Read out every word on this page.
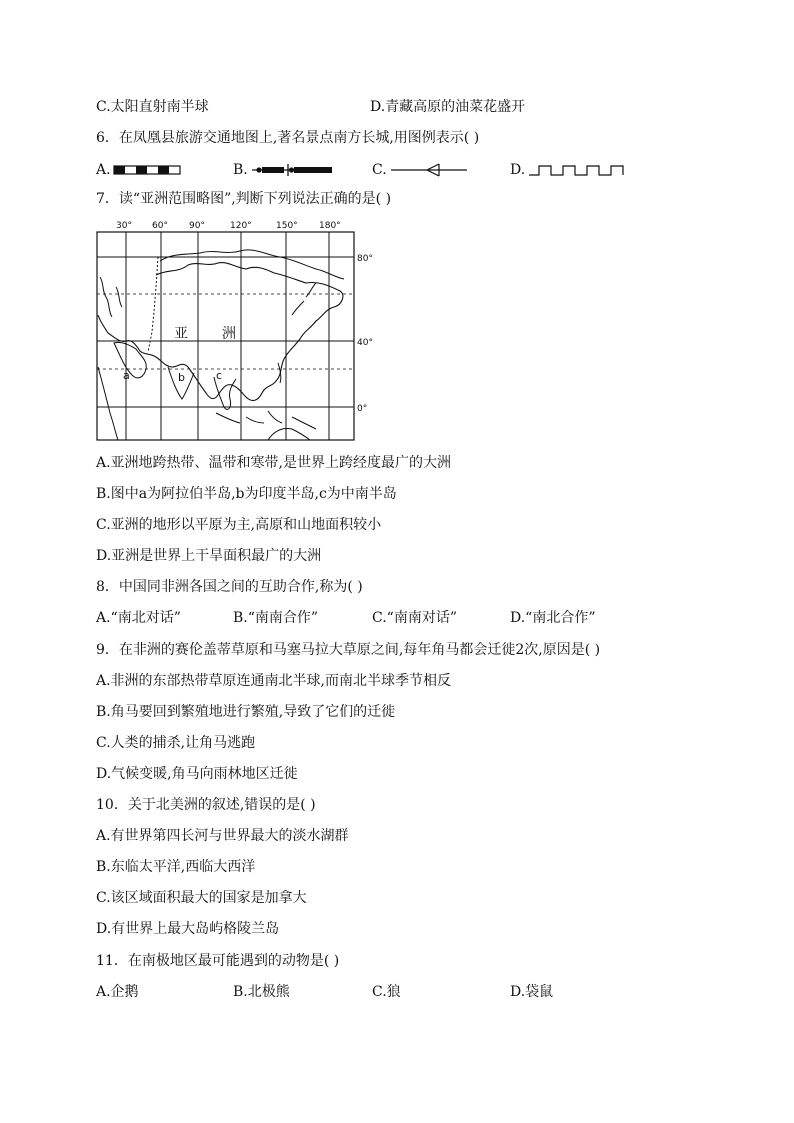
C.太阳直射南半球	D.青藏高原的油菜花盛开
6．在凤凰县旅游交通地图上,著名景点南方长城,用图例表示( )
A.	B.	C.	D.
7．读“亚洲范围略图”,判断下列说法正确的是( )
30° 60° 90°	120°	150° 180°
80°
40°
0°
亚 洲
a	b	c
A.亚洲地跨热带、温带和寒带,是世界上跨经度最广的大洲
B.图中a为阿拉伯半岛,b为印度半岛,c为中南半岛
C.亚洲的地形以平原为主,高原和山地面积较小
D.亚洲是世界上干旱面积最广的大洲
8．中国同非洲各国之间的互助合作,称为( )
A.“南北对话”	B.“南南合作”	C.“南南对话”	D.“南北合作”
9．在非洲的赛伦盖蒂草原和马塞马拉大草原之间,每年角马都会迁徙2次,原因是( )
A.非洲的东部热带草原连通南北半球,而南北半球季节相反
B.角马要回到繁殖地进行繁殖,导致了它们的迁徙
C.人类的捕杀,让角马逃跑
D.气候变暖,角马向雨林地区迁徙
10．关于北美洲的叙述,错误的是( )
A.有世界第四长河与世界最大的淡水湖群
B.东临太平洋,西临大西洋
C.该区域面积最大的国家是加拿大
D.有世界上最大岛屿格陵兰岛
11．在南极地区最可能遇到的动物是( )
A.企鹅	B.北极熊	C.狼	D.袋鼠
